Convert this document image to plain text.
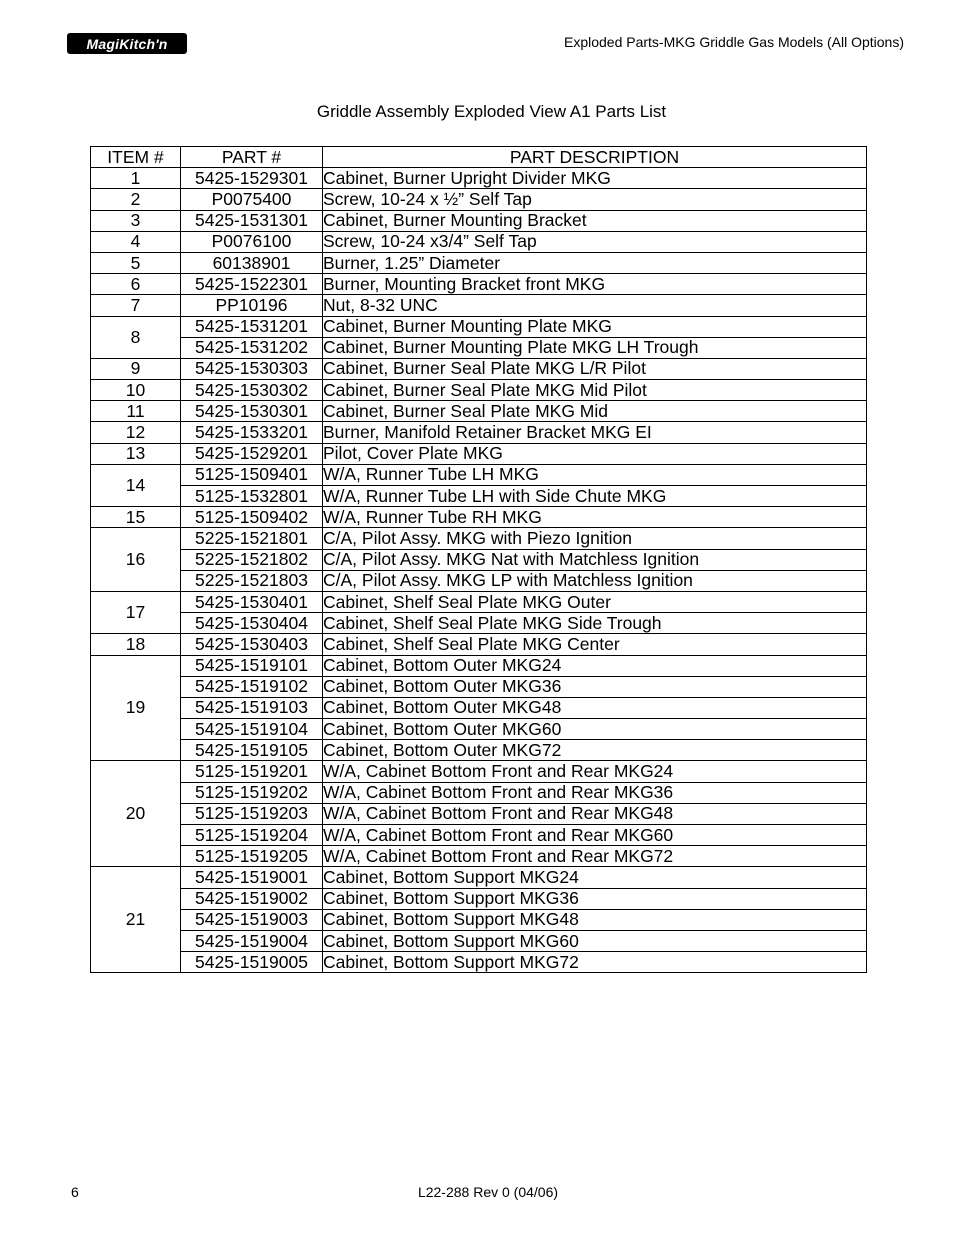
MagiKitch'n	Exploded Parts-MKG Griddle Gas Models (All Options)
Griddle Assembly Exploded View A1 Parts List
ITEM #	PART #	PART DESCRIPTION
1	5425-1529301	Cabinet, Burner Upright Divider MKG
2	P0075400	Screw, 10-24 x ½” Self Tap
3	5425-1531301	Cabinet, Burner Mounting Bracket
4	P0076100	Screw, 10-24 x3/4” Self Tap
5	60138901	Burner, 1.25” Diameter
6	5425-1522301	Burner, Mounting Bracket front MKG
7	PP10196	Nut, 8-32 UNC
8	5425-1531201	Cabinet, Burner Mounting Plate MKG
	5425-1531202	Cabinet, Burner Mounting Plate MKG LH Trough
9	5425-1530303	Cabinet, Burner Seal Plate MKG L/R Pilot
10	5425-1530302	Cabinet, Burner Seal Plate MKG Mid Pilot
11	5425-1530301	Cabinet, Burner Seal Plate MKG Mid
12	5425-1533201	Burner, Manifold Retainer Bracket MKG EI
13	5425-1529201	Pilot, Cover Plate MKG
14	5125-1509401	W/A, Runner Tube LH MKG
	5125-1532801	W/A, Runner Tube LH with Side Chute MKG
15	5125-1509402	W/A, Runner Tube RH MKG
16	5225-1521801	C/A, Pilot Assy. MKG with Piezo Ignition
	5225-1521802	C/A, Pilot Assy. MKG Nat with Matchless Ignition
	5225-1521803	C/A, Pilot Assy. MKG LP with Matchless Ignition
17	5425-1530401	Cabinet, Shelf Seal Plate MKG Outer
	5425-1530404	Cabinet, Shelf Seal Plate MKG Side Trough
18	5425-1530403	Cabinet, Shelf Seal Plate MKG Center
19	5425-1519101	Cabinet, Bottom Outer MKG24
	5425-1519102	Cabinet, Bottom Outer MKG36
	5425-1519103	Cabinet, Bottom Outer MKG48
	5425-1519104	Cabinet, Bottom Outer MKG60
	5425-1519105	Cabinet, Bottom Outer MKG72
20	5125-1519201	W/A, Cabinet Bottom Front and Rear MKG24
	5125-1519202	W/A, Cabinet Bottom Front and Rear MKG36
	5125-1519203	W/A, Cabinet Bottom Front and Rear MKG48
	5125-1519204	W/A, Cabinet Bottom Front and Rear MKG60
	5125-1519205	W/A, Cabinet Bottom Front and Rear MKG72
21	5425-1519001	Cabinet, Bottom Support MKG24
	5425-1519002	Cabinet, Bottom Support MKG36
	5425-1519003	Cabinet, Bottom Support MKG48
	5425-1519004	Cabinet, Bottom Support MKG60
	5425-1519005	Cabinet, Bottom Support MKG72
6	L22-288 Rev 0 (04/06)
